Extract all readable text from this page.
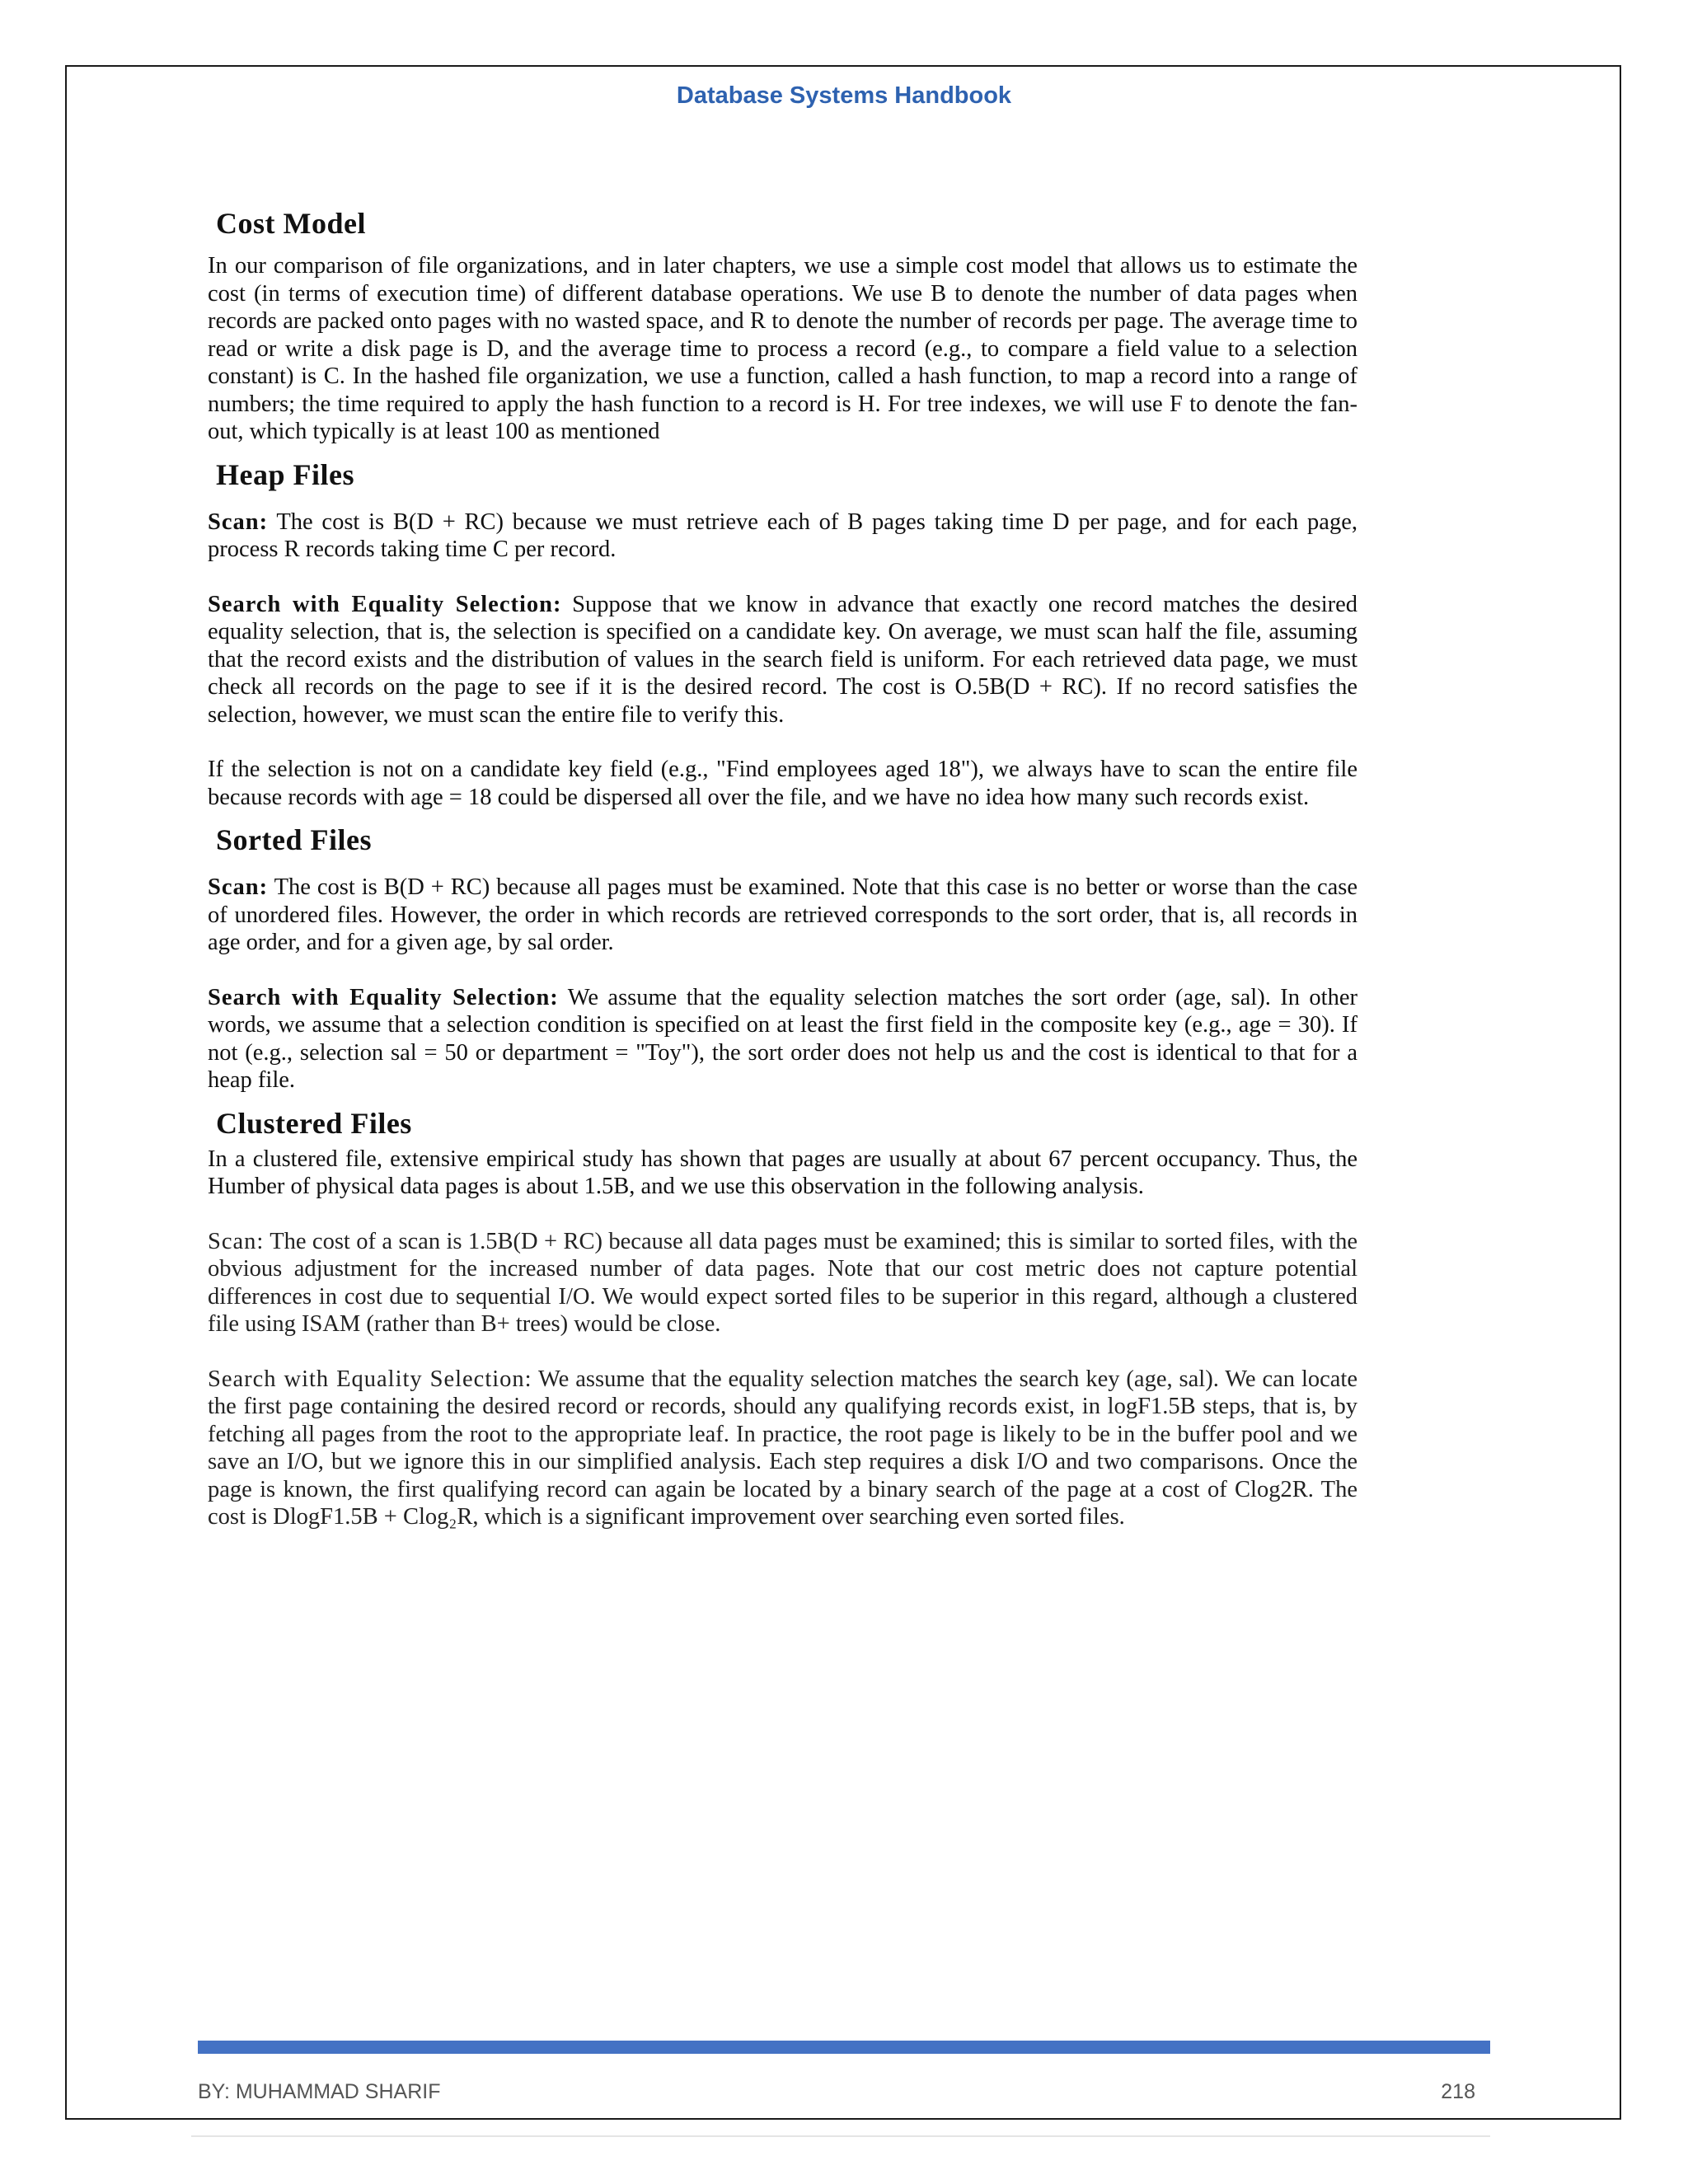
Database Systems Handbook
Cost Model

In our comparison of file organizations, and in later chapters, we use a simple cost model that allows us to estimate the cost (in terms of execution time) of different database operations. We use B to denote the number of data pages when records are packed onto pages with no wasted space, and R to denote the number of records per page. The average time to read or write a disk page is D, and the average time to process a record (e.g., to compare a field value to a selection constant) is C. In the hashed file organization, we use a function, called a hash function, to map a record into a range of numbers; the time required to apply the hash function to a record is H. For tree indexes, we will use F to denote the fan-out, which typically is at least 100 as mentioned

Heap Files

Scan: The cost is B(D + RC) because we must retrieve each of B pages taking time D per page, and for each page, process R records taking time C per record.

Search with Equality Selection: Suppose that we know in advance that exactly one record matches the desired equality selection, that is, the selection is specified on a candidate key. On average, we must scan half the file, assuming that the record exists and the distribution of values in the search field is uniform. For each retrieved data page, we must check all records on the page to see if it is the desired record. The cost is O.5B(D + RC). If no record satisfies the selection, however, we must scan the entire file to verify this.

If the selection is not on a candidate key field (e.g., "Find employees aged 18"), we always have to scan the entire file because records with age = 18 could be dispersed all over the file, and we have no idea how many such records exist.

Sorted Files

Scan: The cost is B(D + RC) because all pages must be examined. Note that this case is no better or worse than the case of unordered files. However, the order in which records are retrieved corresponds to the sort order, that is, all records in age order, and for a given age, by sal order.

Search with Equality Selection: We assume that the equality selection matches the sort order (age, sal). In other words, we assume that a selection condition is specified on at least the first field in the composite key (e.g., age = 30). If not (e.g., selection sal = 50 or department = "Toy"), the sort order does not help us and the cost is identical to that for a heap file.

Clustered Files

In a clustered file, extensive empirical study has shown that pages are usually at about 67 percent occupancy. Thus, the Humber of physical data pages is about 1.5B, and we use this observation in the following analysis.

Scan: The cost of a scan is 1.5B(D + RC) because all data pages must be examined; this is similar to sorted files, with the obvious adjustment for the increased number of data pages. Note that our cost metric does not capture potential differences in cost due to sequential I/O. We would expect sorted files to be superior in this regard, although a clustered file using ISAM (rather than B+ trees) would be close.

Search with Equality Selection: We assume that the equality selection matches the search key (age, sal). We can locate the first page containing the desired record or records, should any qualifying records exist, in logF1.5B steps, that is, by fetching all pages from the root to the appropriate leaf. In practice, the root page is likely to be in the buffer pool and we save an I/O, but we ignore this in our simplified analysis. Each step requires a disk I/O and two comparisons. Once the page is known, the first qualifying record can again be located by a binary search of the page at a cost of Clog2R. The cost is DlogF1.5B + Clog₂R, which is a significant improvement over searching even sorted files.

BY: MUHAMMAD SHARIF	218
